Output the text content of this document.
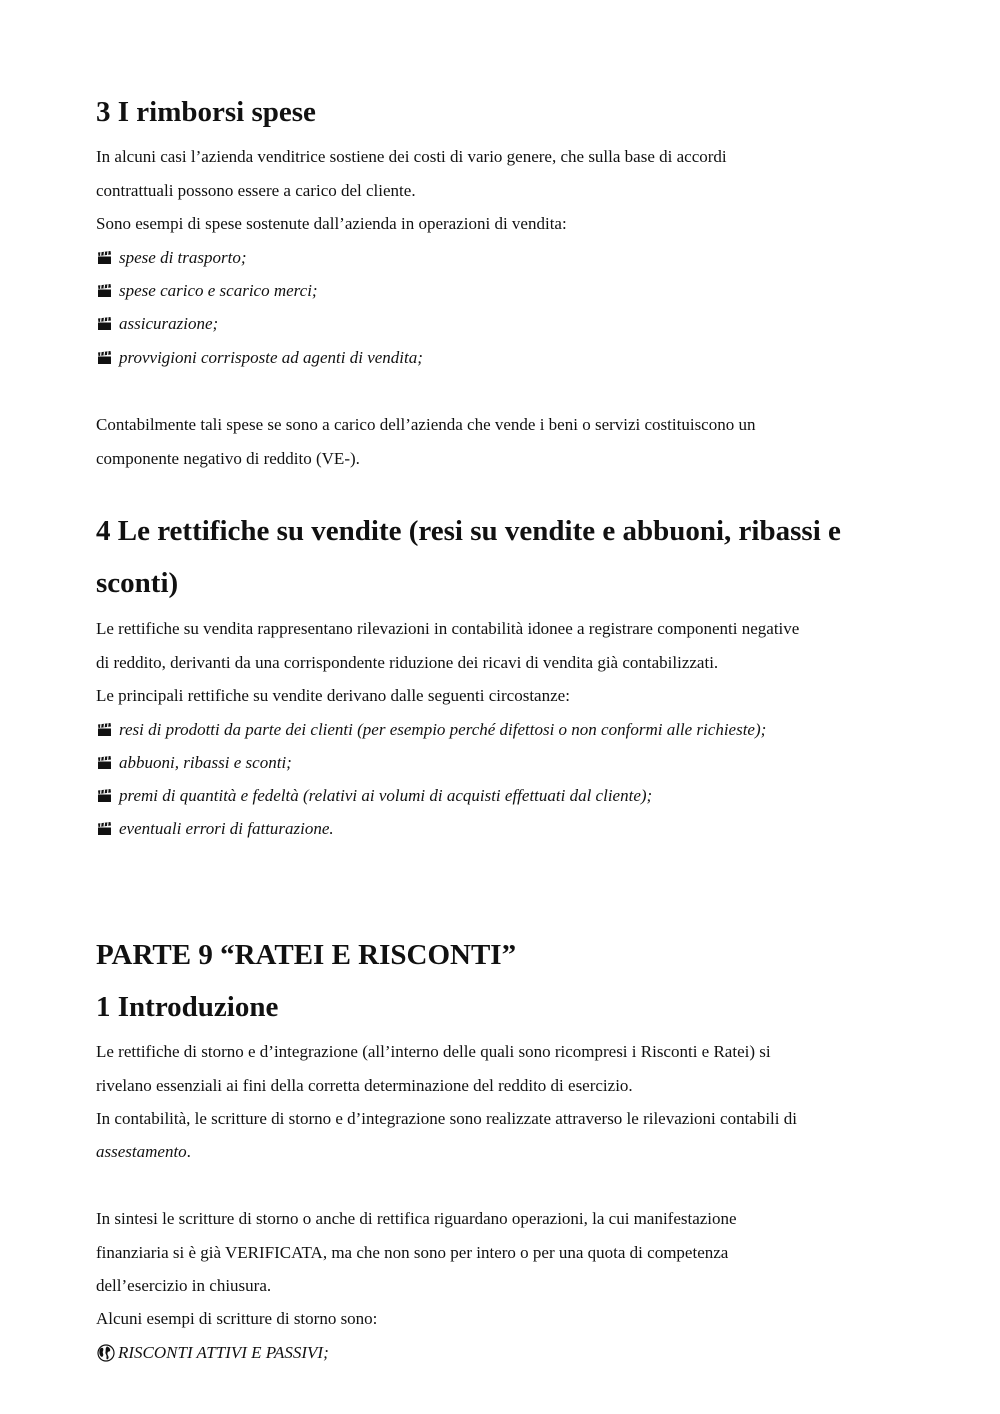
3 I rimborsi spese

In alcuni casi l’azienda venditrice sostiene dei costi di vario genere, che sulla base di accordi

contrattuali possono essere a carico del cliente.

Sono esempi di spese sostenute dall’azienda in operazioni di vendita:

spese di trasporto;
spese carico e scarico merci;
assicurazione;
provvigioni corrisposte ad agenti di vendita;

Contabilmente tali spese se sono a carico dell’azienda che vende i beni o servizi costituiscono un

componente negativo di reddito (VE-).

4 Le rettifiche su vendite (resi su vendite e abbuoni, ribassi e
sconti)

Le rettifiche su vendita rappresentano rilevazioni in contabilità idonee a registrare componenti negative

di reddito, derivanti da una corrispondente riduzione dei ricavi di vendita già contabilizzati.

Le principali rettifiche su vendite derivano dalle seguenti circostanze:

resi di prodotti da parte dei clienti (per esempio perché difettosi o non conformi alle richieste);
abbuoni, ribassi e sconti;
premi di quantità e fedeltà (relativi ai volumi di acquisti effettuati dal cliente);
eventuali errori di fatturazione.
PARTE 9 “RATEI E RISCONTI”
1 Introduzione

Le rettifiche di storno e d’integrazione (all’interno delle quali sono ricompresi i Risconti e Ratei) si

rivelano essenziali ai fini della corretta determinazione del reddito di esercizio.

In contabilità, le scritture di storno e d’integrazione sono realizzate attraverso le rilevazioni contabili di

assestamento.

In sintesi le scritture di storno o anche di rettifica riguardano operazioni, la cui manifestazione

finanziaria si è già VERIFICATA, ma che non sono per intero o per una quota di competenza

dell’esercizio in chiusura.

Alcuni esempi di scritture di storno sono:

RISCONTI ATTIVI E PASSIVI;
